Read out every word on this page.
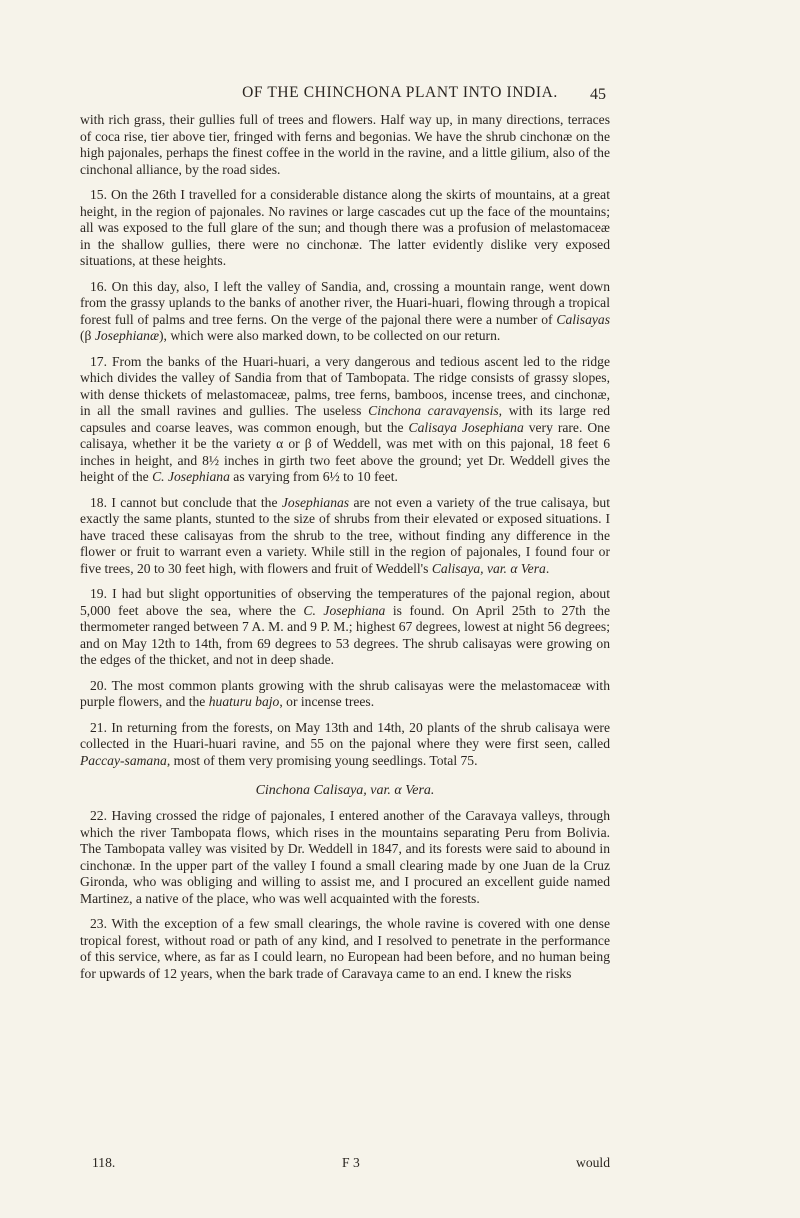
OF THE CHINCHONA PLANT INTO INDIA.	45

with rich grass, their gullies full of trees and flowers. Half way up, in many directions, terraces of coca rise, tier above tier, fringed with ferns and begonias. We have the shrub cinchonæ on the high pajonales, perhaps the finest coffee in the world in the ravine, and a little gilium, also of the cinchonal alliance, by the road sides.

15. On the 26th I travelled for a considerable distance along the skirts of mountains, at a great height, in the region of pajonales. No ravines or large cascades cut up the face of the mountains; all was exposed to the full glare of the sun; and though there was a profusion of melastomaceæ in the shallow gullies, there were no cinchonæ. The latter evidently dislike very exposed situations, at these heights.

16. On this day, also, I left the valley of Sandia, and, crossing a mountain range, went down from the grassy uplands to the banks of another river, the Huari-huari, flowing through a tropical forest full of palms and tree ferns. On the verge of the pajonal there were a number of Calisayas (β Josephianæ), which were also marked down, to be collected on our return.

17. From the banks of the Huari-huari, a very dangerous and tedious ascent led to the ridge which divides the valley of Sandia from that of Tambopata. The ridge consists of grassy slopes, with dense thickets of melastomaceæ, palms, tree ferns, bamboos, incense trees, and cinchonæ, in all the small ravines and gullies. The useless Cinchona caravayensis, with its large red capsules and coarse leaves, was common enough, but the Calisaya Josephiana very rare. One calisaya, whether it be the variety α or β of Weddell, was met with on this pajonal, 18 feet 6 inches in height, and 8½ inches in girth two feet above the ground; yet Dr. Weddell gives the height of the C. Josephiana as varying from 6½ to 10 feet.

18. I cannot but conclude that the Josephianas are not even a variety of the true calisaya, but exactly the same plants, stunted to the size of shrubs from their elevated or exposed situations. I have traced these calisayas from the shrub to the tree, without finding any difference in the flower or fruit to warrant even a variety. While still in the region of pajonales, I found four or five trees, 20 to 30 feet high, with flowers and fruit of Weddell's Calisaya, var. α Vera.

19. I had but slight opportunities of observing the temperatures of the pajonal region, about 5,000 feet above the sea, where the C. Josephiana is found. On April 25th to 27th the thermometer ranged between 7 A. M. and 9 P. M.; highest 67 degrees, lowest at night 56 degrees; and on May 12th to 14th, from 69 degrees to 53 degrees. The shrub calisayas were growing on the edges of the thicket, and not in deep shade.

20. The most common plants growing with the shrub calisayas were the melastomaceæ with purple flowers, and the huaturu bajo, or incense trees.

21. In returning from the forests, on May 13th and 14th, 20 plants of the shrub calisaya were collected in the Huari-huari ravine, and 55 on the pajonal where they were first seen, called Paccay-samana, most of them very promising young seedlings. Total 75.

Cinchona Calisaya, var. α Vera.

22. Having crossed the ridge of pajonales, I entered another of the Caravaya valleys, through which the river Tambopata flows, which rises in the mountains separating Peru from Bolivia. The Tambopata valley was visited by Dr. Weddell in 1847, and its forests were said to abound in cinchonæ. In the upper part of the valley I found a small clearing made by one Juan de la Cruz Gironda, who was obliging and willing to assist me, and I procured an excellent guide named Martinez, a native of the place, who was well acquainted with the forests.

23. With the exception of a few small clearings, the whole ravine is covered with one dense tropical forest, without road or path of any kind, and I resolved to penetrate in the performance of this service, where, as far as I could learn, no European had been before, and no human being for upwards of 12 years, when the bark trade of Caravaya came to an end. I knew the risks

118.	F 3	would
